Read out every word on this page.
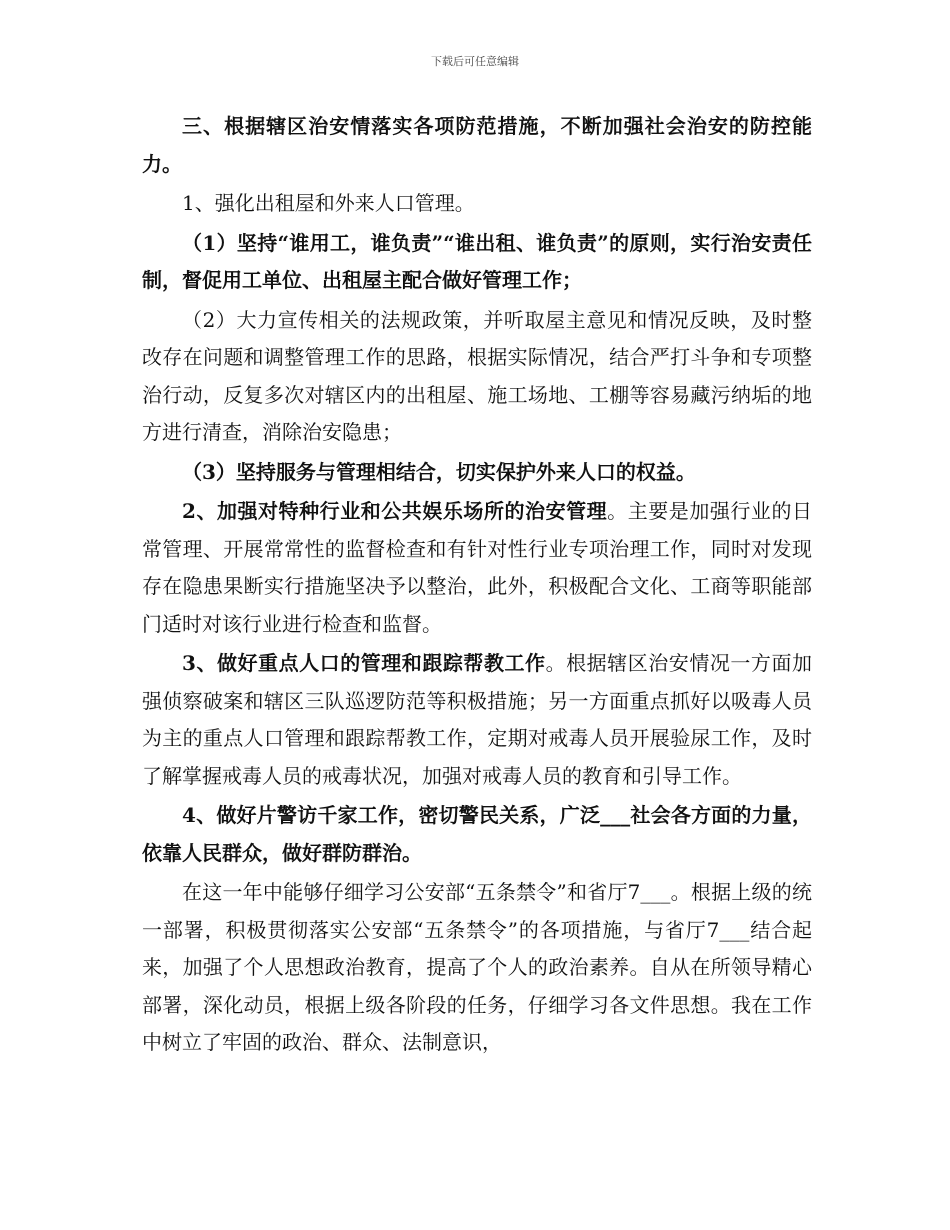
下载后可任意编辑

三、根据辖区治安情落实各项防范措施，不断加强社会治安的防控能力。

1、强化出租屋和外来人口管理。

（1）坚持“谁用工，谁负责”“谁出租、谁负责”的原则，实行治安责任制，督促用工单位、出租屋主配合做好管理工作；

（2）大力宣传相关的法规政策，并听取屋主意见和情况反映，及时整改存在问题和调整管理工作的思路，根据实际情况，结合严打斗争和专项整治行动，反复多次对辖区内的出租屋、施工场地、工棚等容易藏污纳垢的地方进行清查，消除治安隐患；

（3）坚持服务与管理相结合，切实保护外来人口的权益。

2、加强对特种行业和公共娱乐场所的治安管理。主要是加强行业的日常管理、开展常常性的监督检查和有针对性行业专项治理工作，同时对发现存在隐患果断实行措施坚决予以整治，此外，积极配合文化、工商等职能部门适时对该行业进行检查和监督。

3、做好重点人口的管理和跟踪帮教工作。根据辖区治安情况一方面加强侦察破案和辖区三队巡逻防范等积极措施；另一方面重点抓好以吸毒人员为主的重点人口管理和跟踪帮教工作，定期对戒毒人员开展验尿工作，及时了解掌握戒毒人员的戒毒状况，加强对戒毒人员的教育和引导工作。

4、做好片警访千家工作，密切警民关系，广泛___社会各方面的力量，依靠人民群众，做好群防群治。

在这一年中能够仔细学习公安部“五条禁令”和省厅7___。根据上级的统一部署，积极贯彻落实公安部“五条禁令”的各项措施，与省厅7___结合起来，加强了个人思想政治教育，提高了个人的政治素养。自从在所领导精心部署，深化动员，根据上级各阶段的任务，仔细学习各文件思想。我在工作中树立了牢固的政治、群众、法制意识，
